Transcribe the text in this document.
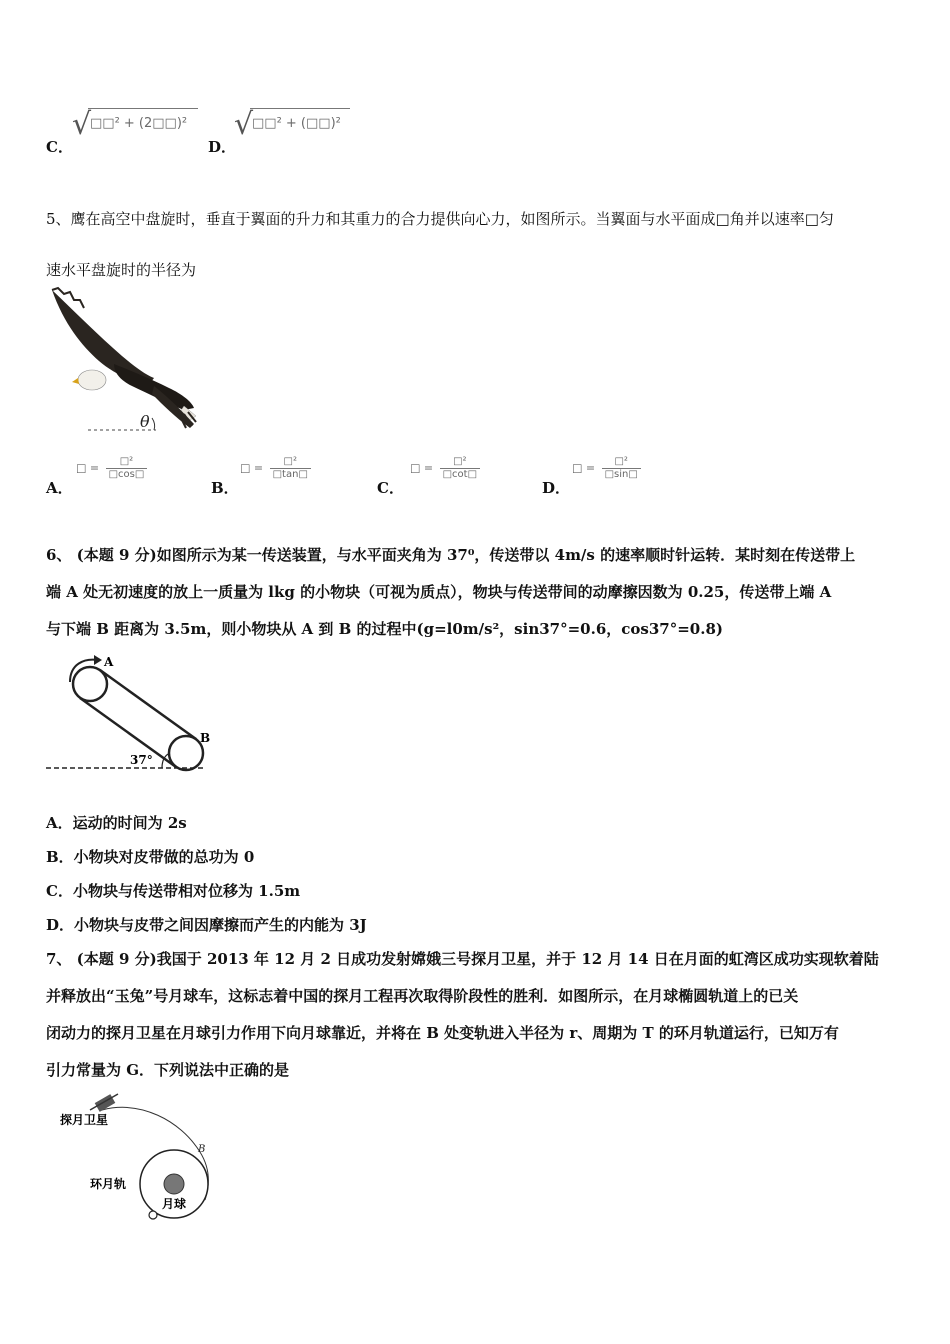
C．
√
□□² + (2□□)²
D．
√
□□² + (□□)²
5、鹰在高空中盘旋时，垂直于翼面的升力和其重力的合力提供向心力，如图所示。当翼面与水平面成□角并以速率□匀
速水平盘旋时的半径为
θ
A．
□ = $\frac{\text{□²}}{□\cos□}$
B．
□ = $\frac{\text{□²}}{□\tan□}$
C．
□ = $\frac{\text{□²}}{□\cot□}$
D．
□ = $\frac{\text{□²}}{□\sin□}$
6、 (本题 9 分)如图所示为某一传送装置，与水平面夹角为 37⁰，传送带以 4m/s 的速率顺时针运转．某时刻在传送带上
端 A 处无初速度的放上一质量为 lkg 的小物块（可视为质点），物块与传送带间的动摩擦因数为 0.25，传送带上端 A
与下端 B 距离为 3.5m，则小物块从 A 到 B 的过程中(g=l0m/s²，sin37°=0.6，cos37°=0.8)
A
B
37°
A．运动的时间为 2s
B．小物块对皮带做的总功为 0
C．小物块与传送带相对位移为 1.5m
D．小物块与皮带之间因摩擦而产生的内能为 3J
7、 (本题 9 分)我国于 2013 年 12 月 2 日成功发射嫦娥三号探月卫星，并于 12 月 14 日在月面的虹湾区成功实现软着陆
并释放出“玉兔”号月球车，这标志着中国的探月工程再次取得阶段性的胜利．如图所示，在月球椭圆轨道上的已关
闭动力的探月卫星在月球引力作用下向月球靠近，并将在 B 处变轨进入半径为 r、周期为 T 的环月轨道运行，已知万有
引力常量为 G．下列说法中正确的是
探月卫星
环月轨
B
月球
